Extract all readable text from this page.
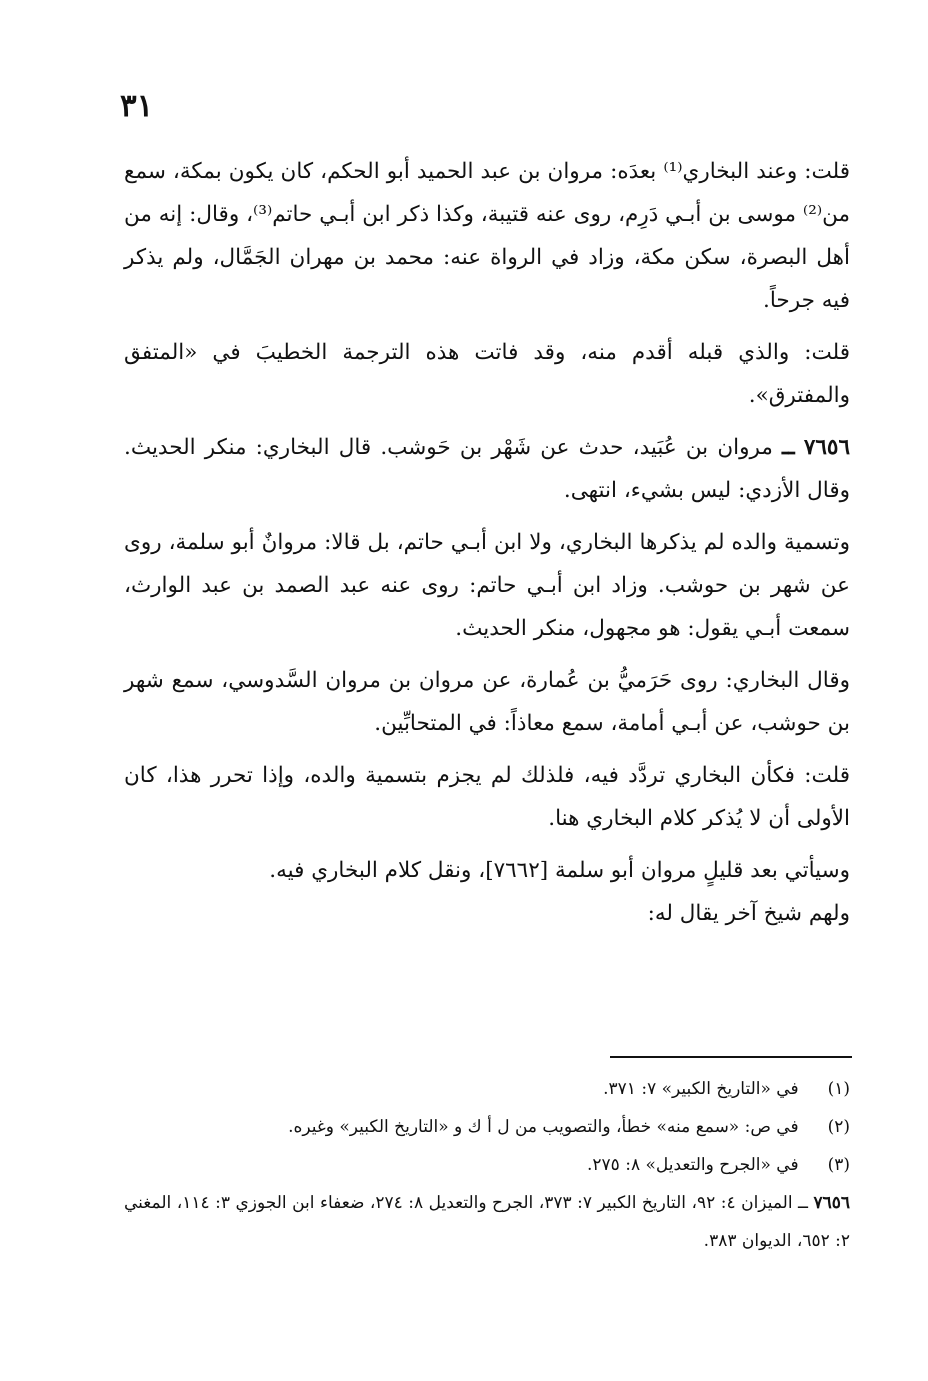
٣١

قلت: وعند البخاري⁽¹⁾ بعدَه: مروان بن عبد الحميد أبو الحكم، كان يكون بمكة، سمع من⁽²⁾ موسى بن أبـي دَرِم، روى عنه قتيبة، وكذا ذكر ابن أبـي حاتم⁽³⁾، وقال: إنه من أهل البصرة، سكن مكة، وزاد في الرواة عنه: محمد بن مهران الجَمَّال، ولم يذكر فيه جرحاً.

قلت: والذي قبله أقدم منه، وقد فاتت هذه الترجمة الخطيبَ في «المتفق والمفترق».

٧٦٥٦ ــ مروان بن عُبَيد، حدث عن شَهْر بن حَوشب. قال البخاري: منكر الحديث. وقال الأزدي: ليس بشيء، انتهى.

وتسمية والده لم يذكرها البخاري، ولا ابن أبـي حاتم، بل قالا: مروانٌ أبو سلمة، روى عن شهر بن حوشب. وزاد ابن أبـي حاتم: روى عنه عبد الصمد بن عبد الوارث، سمعت أبـي يقول: هو مجهول، منكر الحديث.

وقال البخاري: روى حَرَميُّ بن عُمارة، عن مروان بن مروان السَّدوسي، سمع شهر بن حوشب، عن أبـي أمامة، سمع معاذاً: في المتحابِّين.

قلت: فكأن البخاري تردَّد فيه، فلذلك لم يجزم بتسمية والده، وإذا تحرر هذا، كان الأولى أن لا يُذكر كلام البخاري هنا.

وسيأتي بعد قليلٍ مروان أبو سلمة [٧٦٦٢]، ونقل كلام البخاري فيه.

ولهم شيخ آخر يقال له:

(١) في «التاريخ الكبير» ٧: ٣٧١.

(٢) في ص: «سمع منه» خطأ، والتصويب من ل أ ك و «التاريخ الكبير» وغيره.

(٣) في «الجرح والتعديل» ٨: ٢٧٥.

٧٦٥٦ ــ الميزان ٤: ٩٢، التاريخ الكبير ٧: ٣٧٣، الجرح والتعديل ٨: ٢٧٤، ضعفاء ابن الجوزي ٣: ١١٤، المغني ٢: ٦٥٢، الديوان ٣٨٣.
